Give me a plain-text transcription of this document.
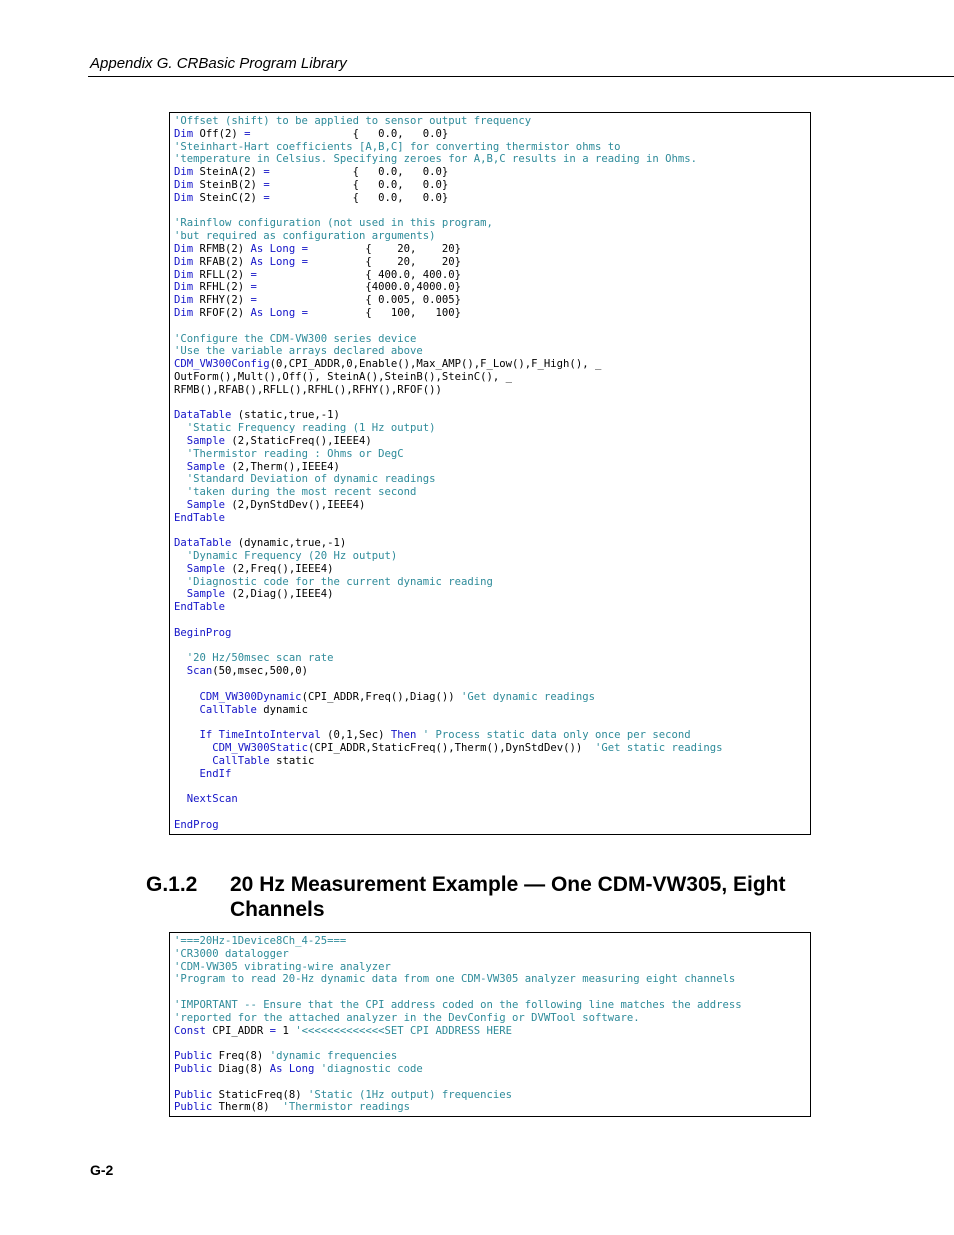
Appendix G. CRBasic Program Library
'Offset (shift) to be applied to sensor output frequency
Dim Off(2) =                {   0.0,   0.0}
'Steinhart-Hart coefficients [A,B,C] for converting thermistor ohms to
'temperature in Celsius. Specifying zeroes for A,B,C results in a reading in Ohms.
Dim SteinA(2) =             {   0.0,   0.0}
Dim SteinB(2) =             {   0.0,   0.0}
Dim SteinC(2) =             {   0.0,   0.0}
'Rainflow configuration (not used in this program,
'but required as configuration arguments)
Dim RFMB(2) As Long =         {    20,    20}
Dim RFAB(2) As Long =         {    20,    20}
Dim RFLL(2) =                 { 400.0, 400.0}
Dim RFHL(2) =                 {4000.0,4000.0}
Dim RFHY(2) =                 { 0.005, 0.005}
Dim RFOF(2) As Long =         {   100,   100}
'Configure the CDM-VW300 series device
'Use the variable arrays declared above
CDM_VW300Config(0,CPI_ADDR,0,Enable(),Max_AMP(),F_Low(),F_High(), _
OutForm(),Mult(),Off(), SteinA(),SteinB(),SteinC(), _
RFMB(),RFAB(),RFLL(),RFHL(),RFHY(),RFOF())
DataTable (static,true,-1)
'Static Frequency reading (1 Hz output)
Sample (2,StaticFreq(),IEEE4)
'Thermistor reading : Ohms or DegC
Sample (2,Therm(),IEEE4)
'Standard Deviation of dynamic readings
'taken during the most recent second
Sample (2,DynStdDev(),IEEE4)
EndTable
DataTable (dynamic,true,-1)
'Dynamic Frequency (20 Hz output)
Sample (2,Freq(),IEEE4)
'Diagnostic code for the current dynamic reading
Sample (2,Diag(),IEEE4)
EndTable
BeginProg
'20 Hz/50msec scan rate
Scan(50,msec,500,0)
CDM_VW300Dynamic(CPI_ADDR,Freq(),Diag()) 'Get dynamic readings
CallTable dynamic
If TimeIntoInterval (0,1,Sec) Then ' Process static data only once per second
CDM_VW300Static(CPI_ADDR,StaticFreq(),Therm(),DynStdDev())  'Get static readings
CallTable static
EndIf
NextScan
EndProg
G.1.2 20 Hz Measurement Example — One CDM-VW305, Eight Channels
'===20Hz-1Device8Ch_4-25===
'CR3000 datalogger
'CDM-VW305 vibrating-wire analyzer
'Program to read 20-Hz dynamic data from one CDM-VW305 analyzer measuring eight channels
'IMPORTANT -- Ensure that the CPI address coded on the following line matches the address
'reported for the attached analyzer in the DevConfig or DVWTool software.
Const CPI_ADDR = 1 '<<<<<<<<<<<<<SET CPI ADDRESS HERE
Public Freq(8) 'dynamic frequencies
Public Diag(8) As Long 'diagnostic code
Public StaticFreq(8) 'Static (1Hz output) frequencies
Public Therm(8)  'Thermistor readings
G-2
